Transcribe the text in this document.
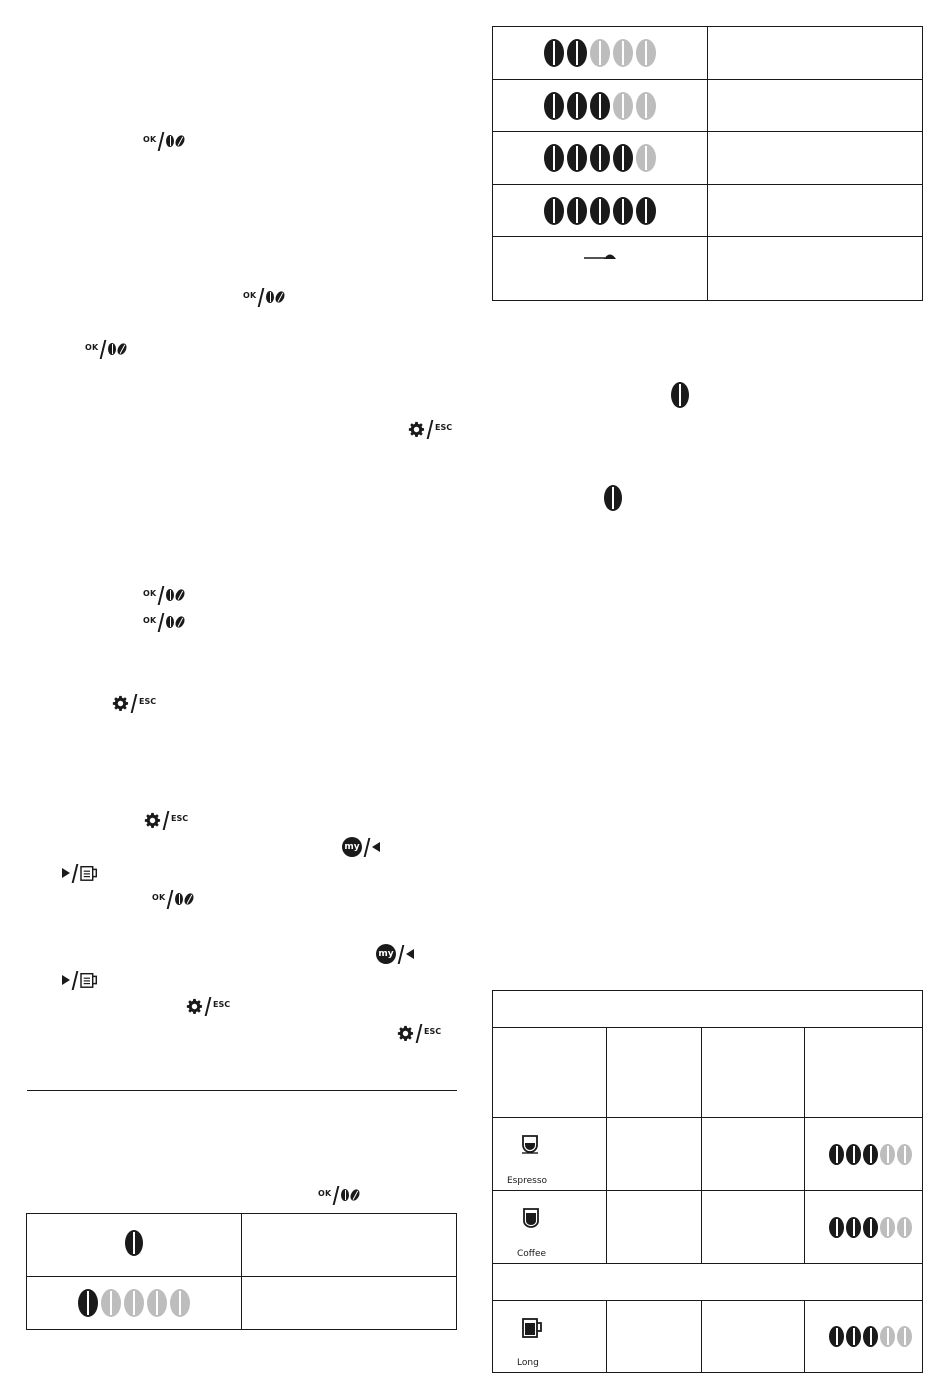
OK
OK
OK
ESC
OK
OK
ESC
ESC
my
OK
my
ESC
ESC
OK

Espresso			

Coffee			

Long			
